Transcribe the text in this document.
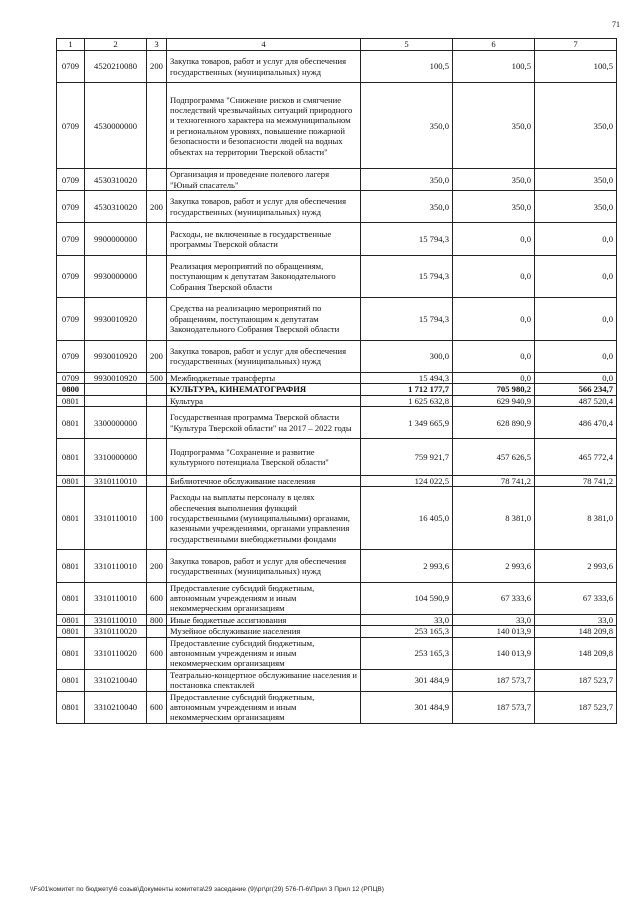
71
1	2	3	4	5	6	7
0709	4520210080	200	Закупка товаров, работ и услуг для обеспечения государственных (муниципальных) нужд	100,5	100,5	100,5
0709	4530000000		Подпрограмма "Снижение рисков и смягчение последствий чрезвычайных ситуаций природного и техногенного характера на межмуниципальном и региональном уровнях, повышение пожарной безопасности и безопасности людей на водных объектах на территории Тверской области"	350,0	350,0	350,0
0709	4530310020		Организация и проведение полевого лагеря "Юный спасатель"	350,0	350,0	350,0
0709	4530310020	200	Закупка товаров, работ и услуг для обеспечения государственных (муниципальных) нужд	350,0	350,0	350,0
0709	9900000000		Расходы, не включенные в государственные программы Тверской области	15 794,3	0,0	0,0
0709	9930000000		Реализация мероприятий по обращениям, поступающим к депутатам Законодательного Собрания Тверской области	15 794,3	0,0	0,0
0709	9930010920		Средства на реализацию мероприятий по обращениям, поступающим к депутатам Законодательного Собрания Тверской области	15 794,3	0,0	0,0
0709	9930010920	200	Закупка товаров, работ и услуг для обеспечения государственных (муниципальных) нужд	300,0	0,0	0,0
0709	9930010920	500	Межбюджетные трансферты	15 494,3	0,0	0,0
0800			КУЛЬТУРА, КИНЕМАТОГРАФИЯ	1 712 177,7	705 980,2	566 234,7
0801			Культура	1 625 632,8	629 940,9	487 520,4
0801	3300000000		Государственная программа Тверской области "Культура Тверской области" на 2017 – 2022 годы	1 349 665,9	628 890,9	486 470,4
0801	3310000000		Подпрограмма "Сохранение и развитие культурного потенциала Тверской области"	759 921,7	457 626,5	465 772,4
0801	3310110010		Библиотечное обслуживание населения	124 022,5	78 741,2	78 741,2
0801	3310110010	100	Расходы на выплаты персоналу в целях обеспечения выполнения функций государственными (муниципальными) органами, казенными учреждениями, органами управления государственными внебюджетными фондами	16 405,0	8 381,0	8 381,0
0801	3310110010	200	Закупка товаров, работ и услуг для обеспечения государственных (муниципальных) нужд	2 993,6	2 993,6	2 993,6
0801	3310110010	600	Предоставление субсидий бюджетным, автономным учреждениям и иным некоммерческим организациям	104 590,9	67 333,6	67 333,6
0801	3310110010	800	Иные бюджетные ассигнования	33,0	33,0	33,0
0801	3310110020		Музейное обслуживание населения	253 165,3	140 013,9	148 209,8
0801	3310110020	600	Предоставление субсидий бюджетным, автономным учреждениям и иным некоммерческим организациям	253 165,3	140 013,9	148 209,8
0801	3310210040		Театрально-концертное обслуживание населения и постановка спектаклей	301 484,9	187 573,7	187 523,7
0801	3310210040	600	Предоставление субсидий бюджетным, автономным учреждениям и иным некоммерческим организациям	301 484,9	187 573,7	187 523,7
\\Fs01\комитет по бюджету\6 созыв\Документы комитета\29 заседание (9)\рг\рг(29) 576-П-6\Прил 3 Прил 12 (РПЦВ)
